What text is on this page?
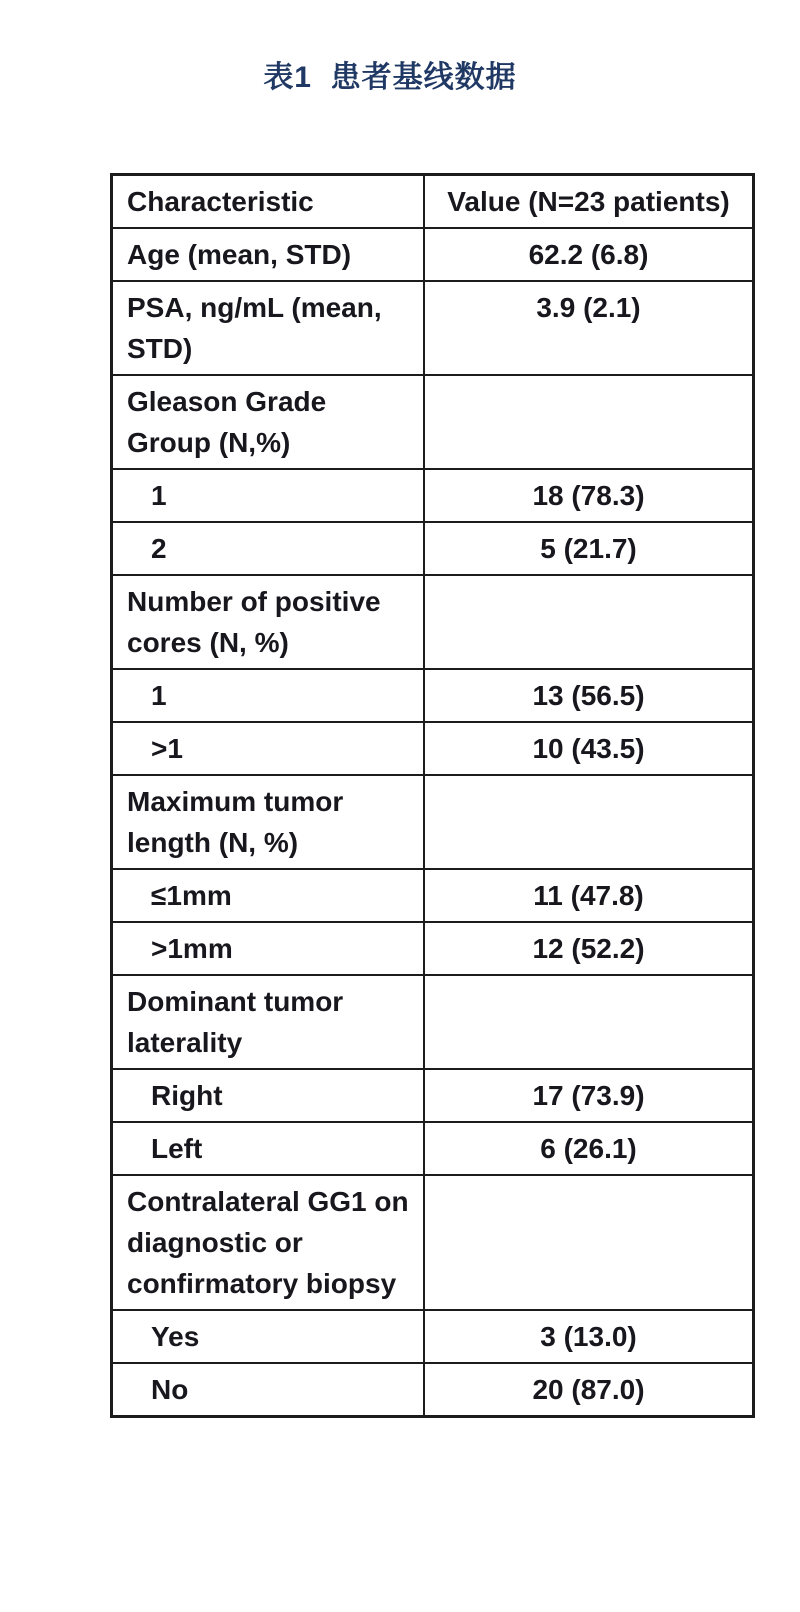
表1  患者基线数据
Characteristic	Value (N=23 patients)
Age (mean, STD)	62.2 (6.8)
PSA, ng/mL (mean, STD)	3.9 (2.1)
Gleason Grade Group (N,%)	
1	18 (78.3)
2	5 (21.7)
Number of positive cores (N, %)	
1	13 (56.5)
>1	10 (43.5)
Maximum tumor length (N, %)	
≤1mm	11 (47.8)
>1mm	12 (52.2)
Dominant tumor laterality	
Right	17 (73.9)
Left	6 (26.1)
Contralateral GG1 on diagnostic or confirmatory biopsy	
Yes	3 (13.0)
No	20 (87.0)
